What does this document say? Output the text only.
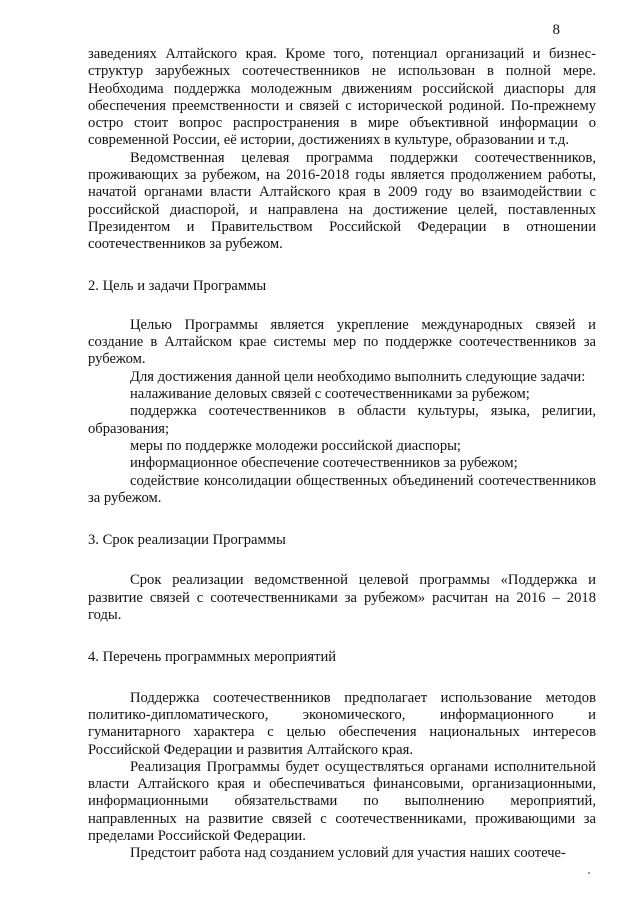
8

заведениях Алтайского края. Кроме того, потенциал организаций и бизнес-структур зарубежных соотечественников не использован в полной мере. Необходима поддержка молодежным движениям российской диаспоры для обеспечения преемственности и связей с исторической родиной. По-прежнему остро стоит вопрос распространения в мире объективной информации о современной России, её истории, достижениях в культуре, образовании и т.д.

Ведомственная целевая программа поддержки соотечественников, проживающих за рубежом, на 2016-2018 годы является продолжением работы, начатой органами власти Алтайского края в 2009 году во взаимодействии с российской диаспорой, и направлена на достижение целей, поставленных Президентом и Правительством Российской Федерации в отношении соотечественников за рубежом.

2. Цель и задачи Программы

Целью Программы является укрепление международных связей и создание в Алтайском крае системы мер по поддержке соотечественников за рубежом.

Для достижения данной цели необходимо выполнить следующие задачи:

налаживание деловых связей с соотечественниками за рубежом;

поддержка соотечественников в области культуры, языка, религии, образования;

меры по поддержке молодежи российской диаспоры;

информационное обеспечение соотечественников за рубежом;

содействие консолидации общественных объединений соотечественников за рубежом.

3. Срок реализации Программы

Срок реализации ведомственной целевой программы «Поддержка и развитие связей с соотечественниками за рубежом» расчитан на 2016 – 2018 годы.

4. Перечень программных мероприятий

Поддержка соотечественников предполагает использование методов политико-дипломатического, экономического, информационного и гуманитарного характера с целью обеспечения национальных интересов Российской Федерации и развития Алтайского края.

Реализация Программы будет осуществляться органами исполнительной власти Алтайского края и обеспечиваться финансовыми, организационными, информационными обязательствами по выполнению мероприятий, направленных на развитие связей с соотечественниками, проживающими за пределами Российской Федерации.

Предстоит работа над созданием условий для участия наших соотече-
